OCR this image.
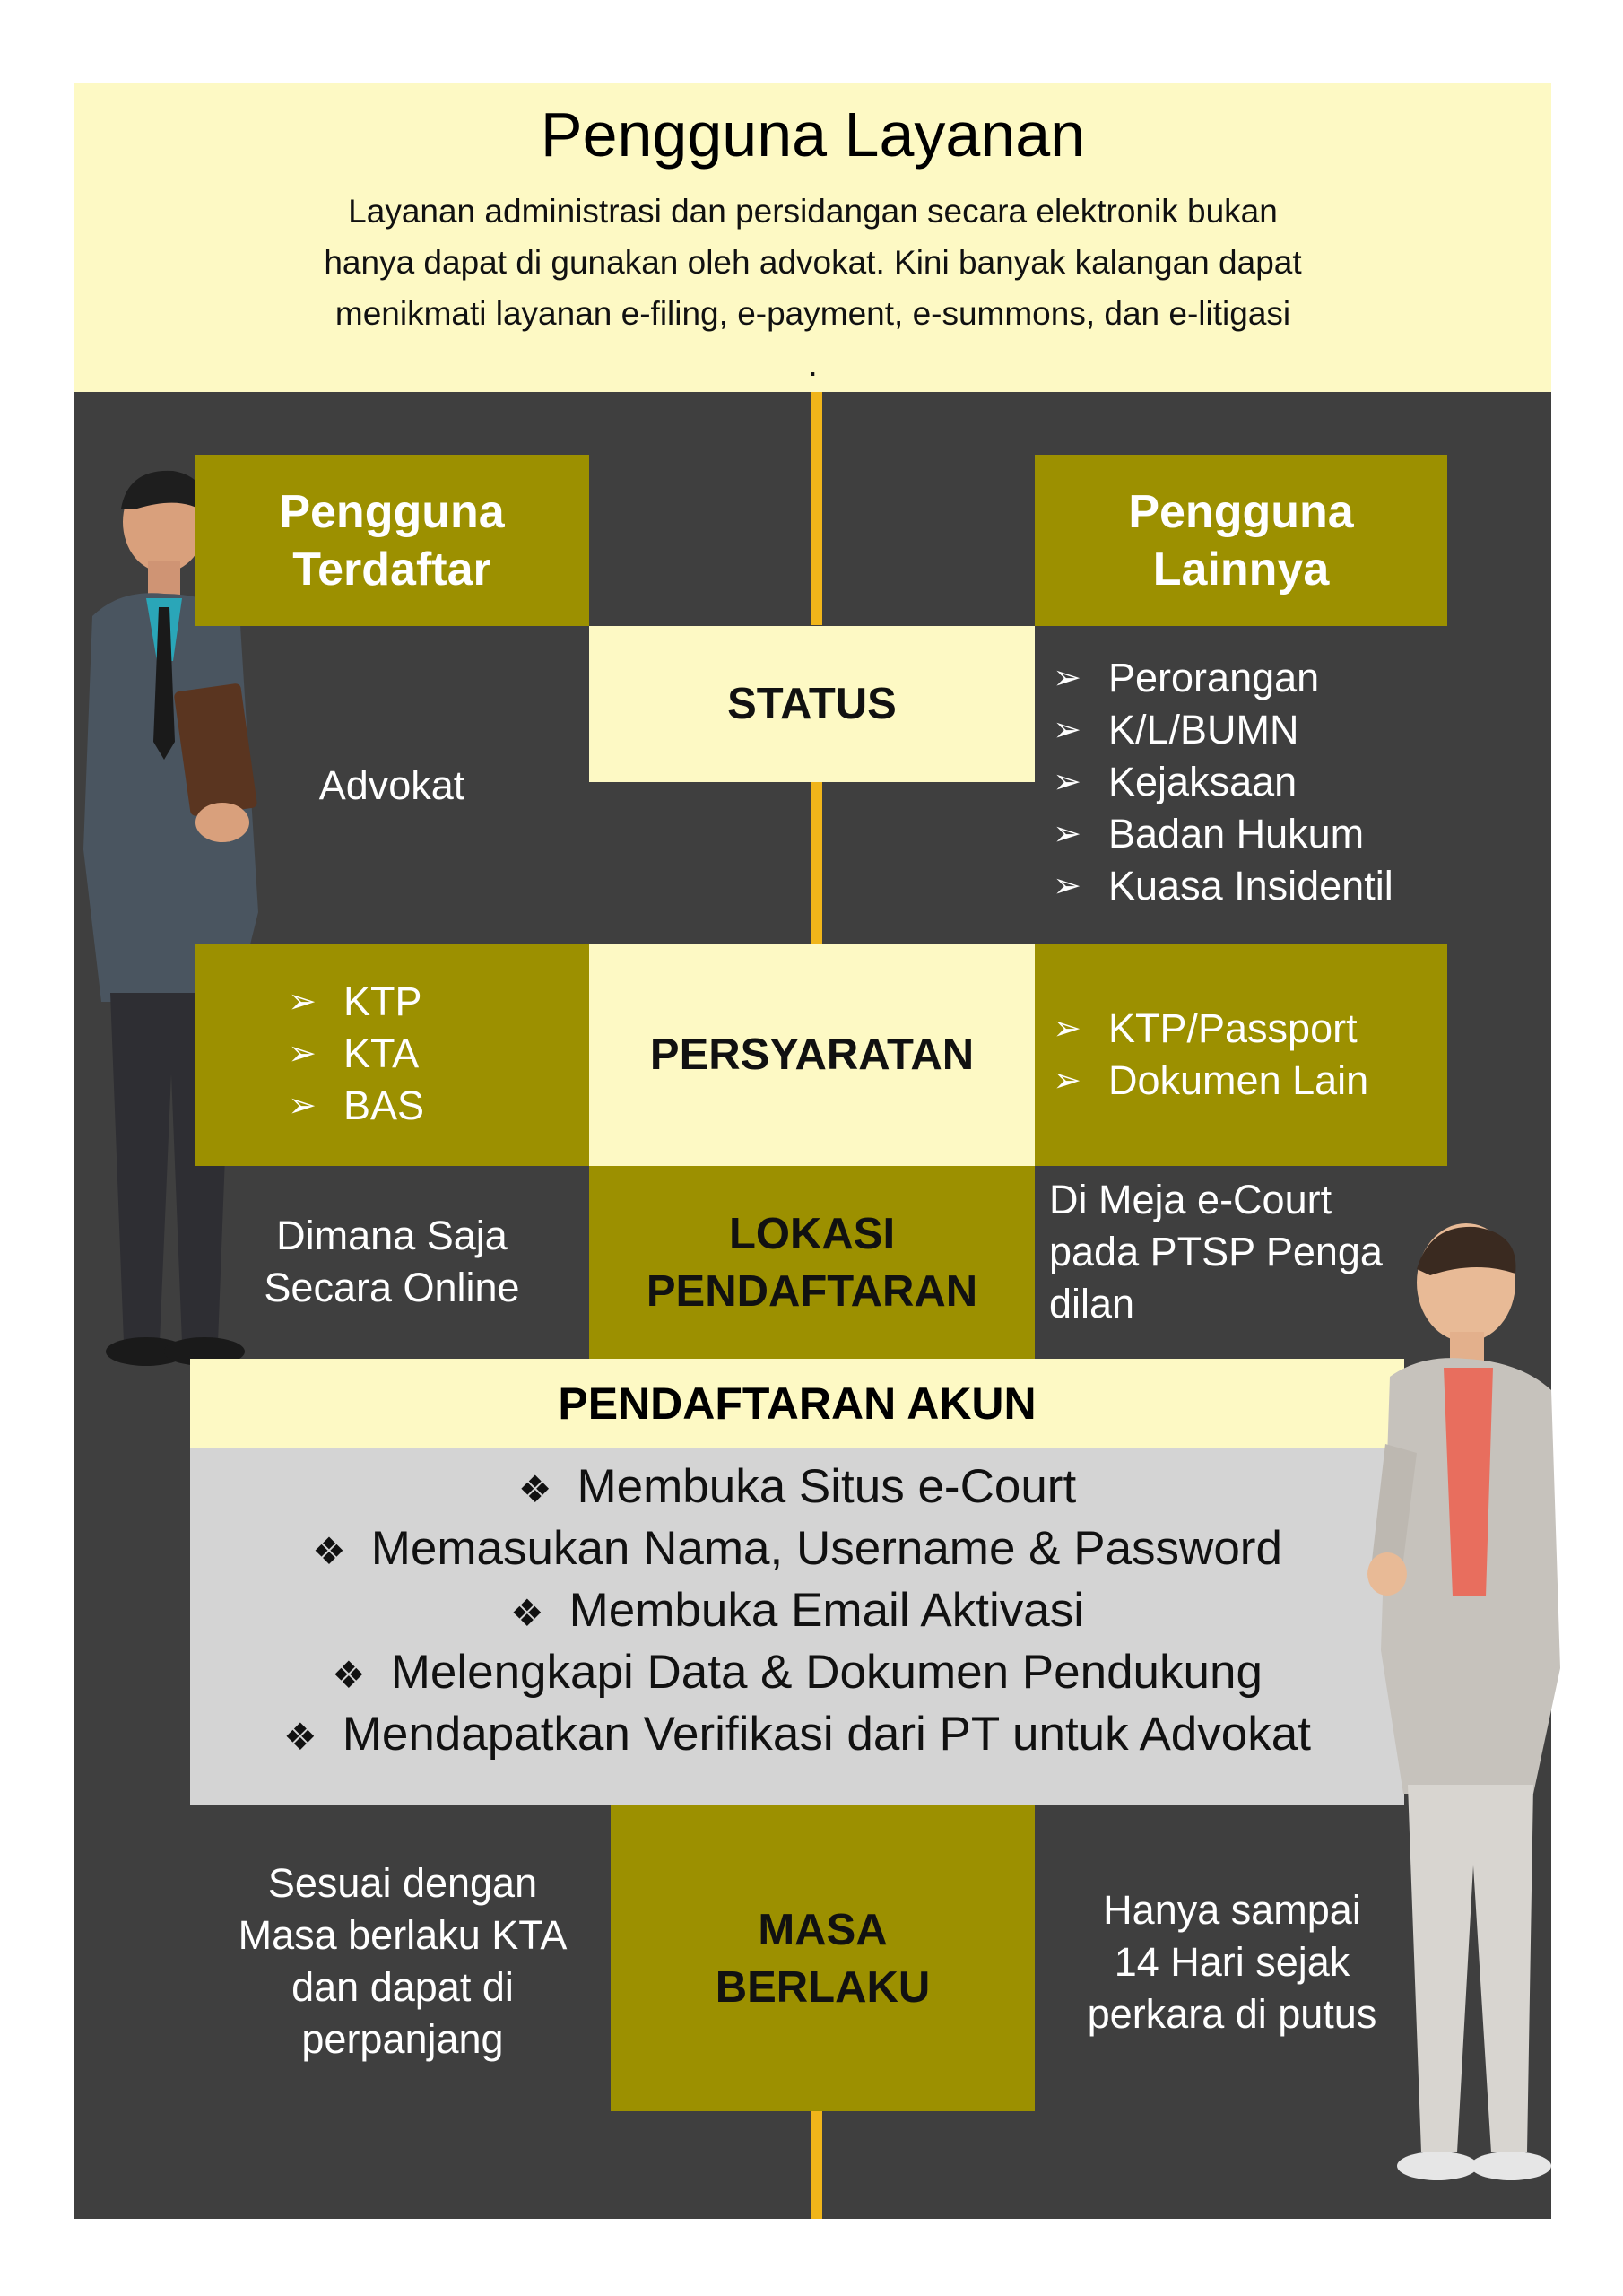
Pengguna Layanan

Layanan administrasi dan persidangan secara elektronik bukan

hanya dapat di gunakan oleh advokat. Kini banyak kalangan dapat

menikmati layanan e-filing, e-payment, e-summons, dan e-litigasi

.

Pengguna
Terdaftar
Pengguna
Lainnya
STATUS
Advokat
➢ Perorangan
➢ K/L/BUMN
➢ Kejaksaan
➢ Badan Hukum
➢ Kuasa Insidentil
➢ KTP
➢ KTA
➢ BAS
PERSYARATAN
➢ KTP/Passport
➢ Dokumen Lain
LOKASI
PENDAFTARAN
Dimana Saja
Secara Online
Di Meja e-Court
pada PTSP Penga
dilan
MASA
BERLAKU
Sesuai dengan
Masa berlaku KTA
dan dapat di
perpanjang
Hanya sampai
14 Hari sejak
perkara di putus
PENDAFTARAN AKUN
❖ Membuka Situs e-Court
❖ Memasukan Nama, Username & Password
❖ Membuka Email Aktivasi
❖ Melengkapi Data & Dokumen Pendukung
❖ Mendapatkan Verifikasi dari PT untuk Advokat
